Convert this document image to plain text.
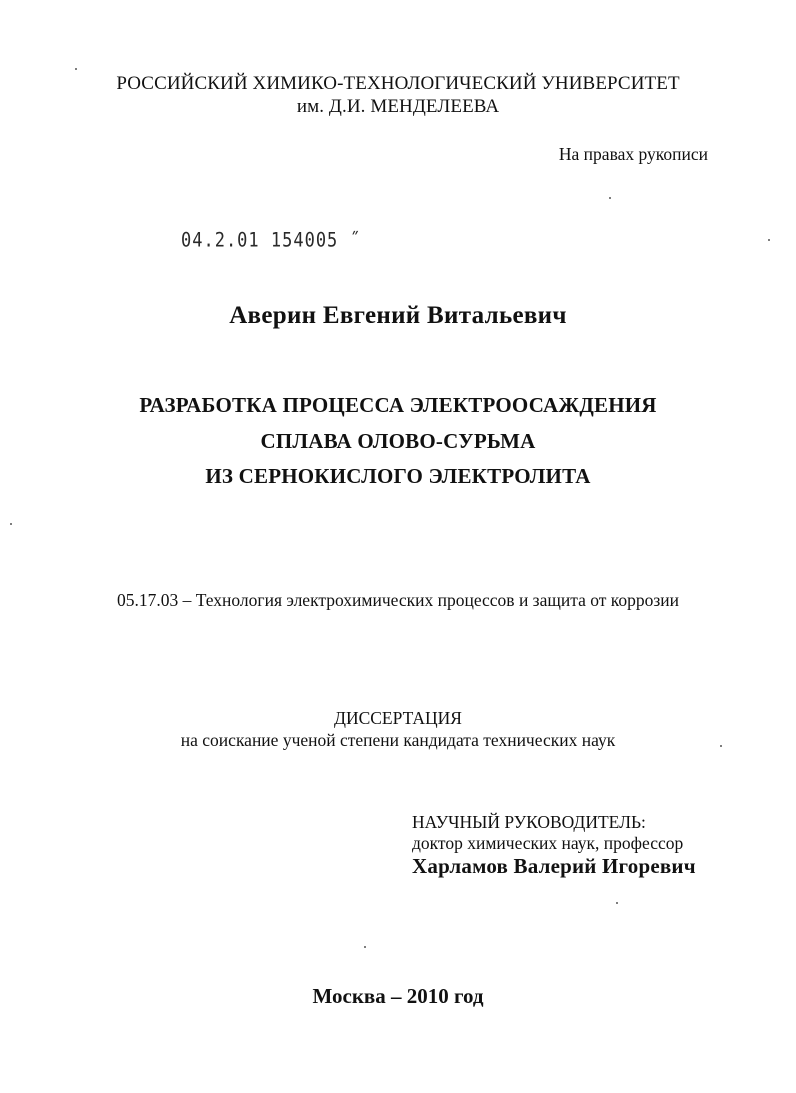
РОССИЙСКИЙ ХИМИКО-ТЕХНОЛОГИЧЕСКИЙ УНИВЕРСИТЕТ
им. Д.И. МЕНДЕЛЕЕВА
На правах рукописи
04.2.01 154005 ˝
Аверин Евгений Витальевич
РАЗРАБОТКА ПРОЦЕССА ЭЛЕКТРООСАЖДЕНИЯ
СПЛАВА ОЛОВО-СУРЬМА
ИЗ СЕРНОКИСЛОГО ЭЛЕКТРОЛИТА
05.17.03 – Технология электрохимических процессов и защита от коррозии
ДИССЕРТАЦИЯ
на соискание ученой степени кандидата технических наук
НАУЧНЫЙ РУКОВОДИТЕЛЬ:
доктор химических наук, профессор
Харламов Валерий Игоревич
Москва – 2010 год
